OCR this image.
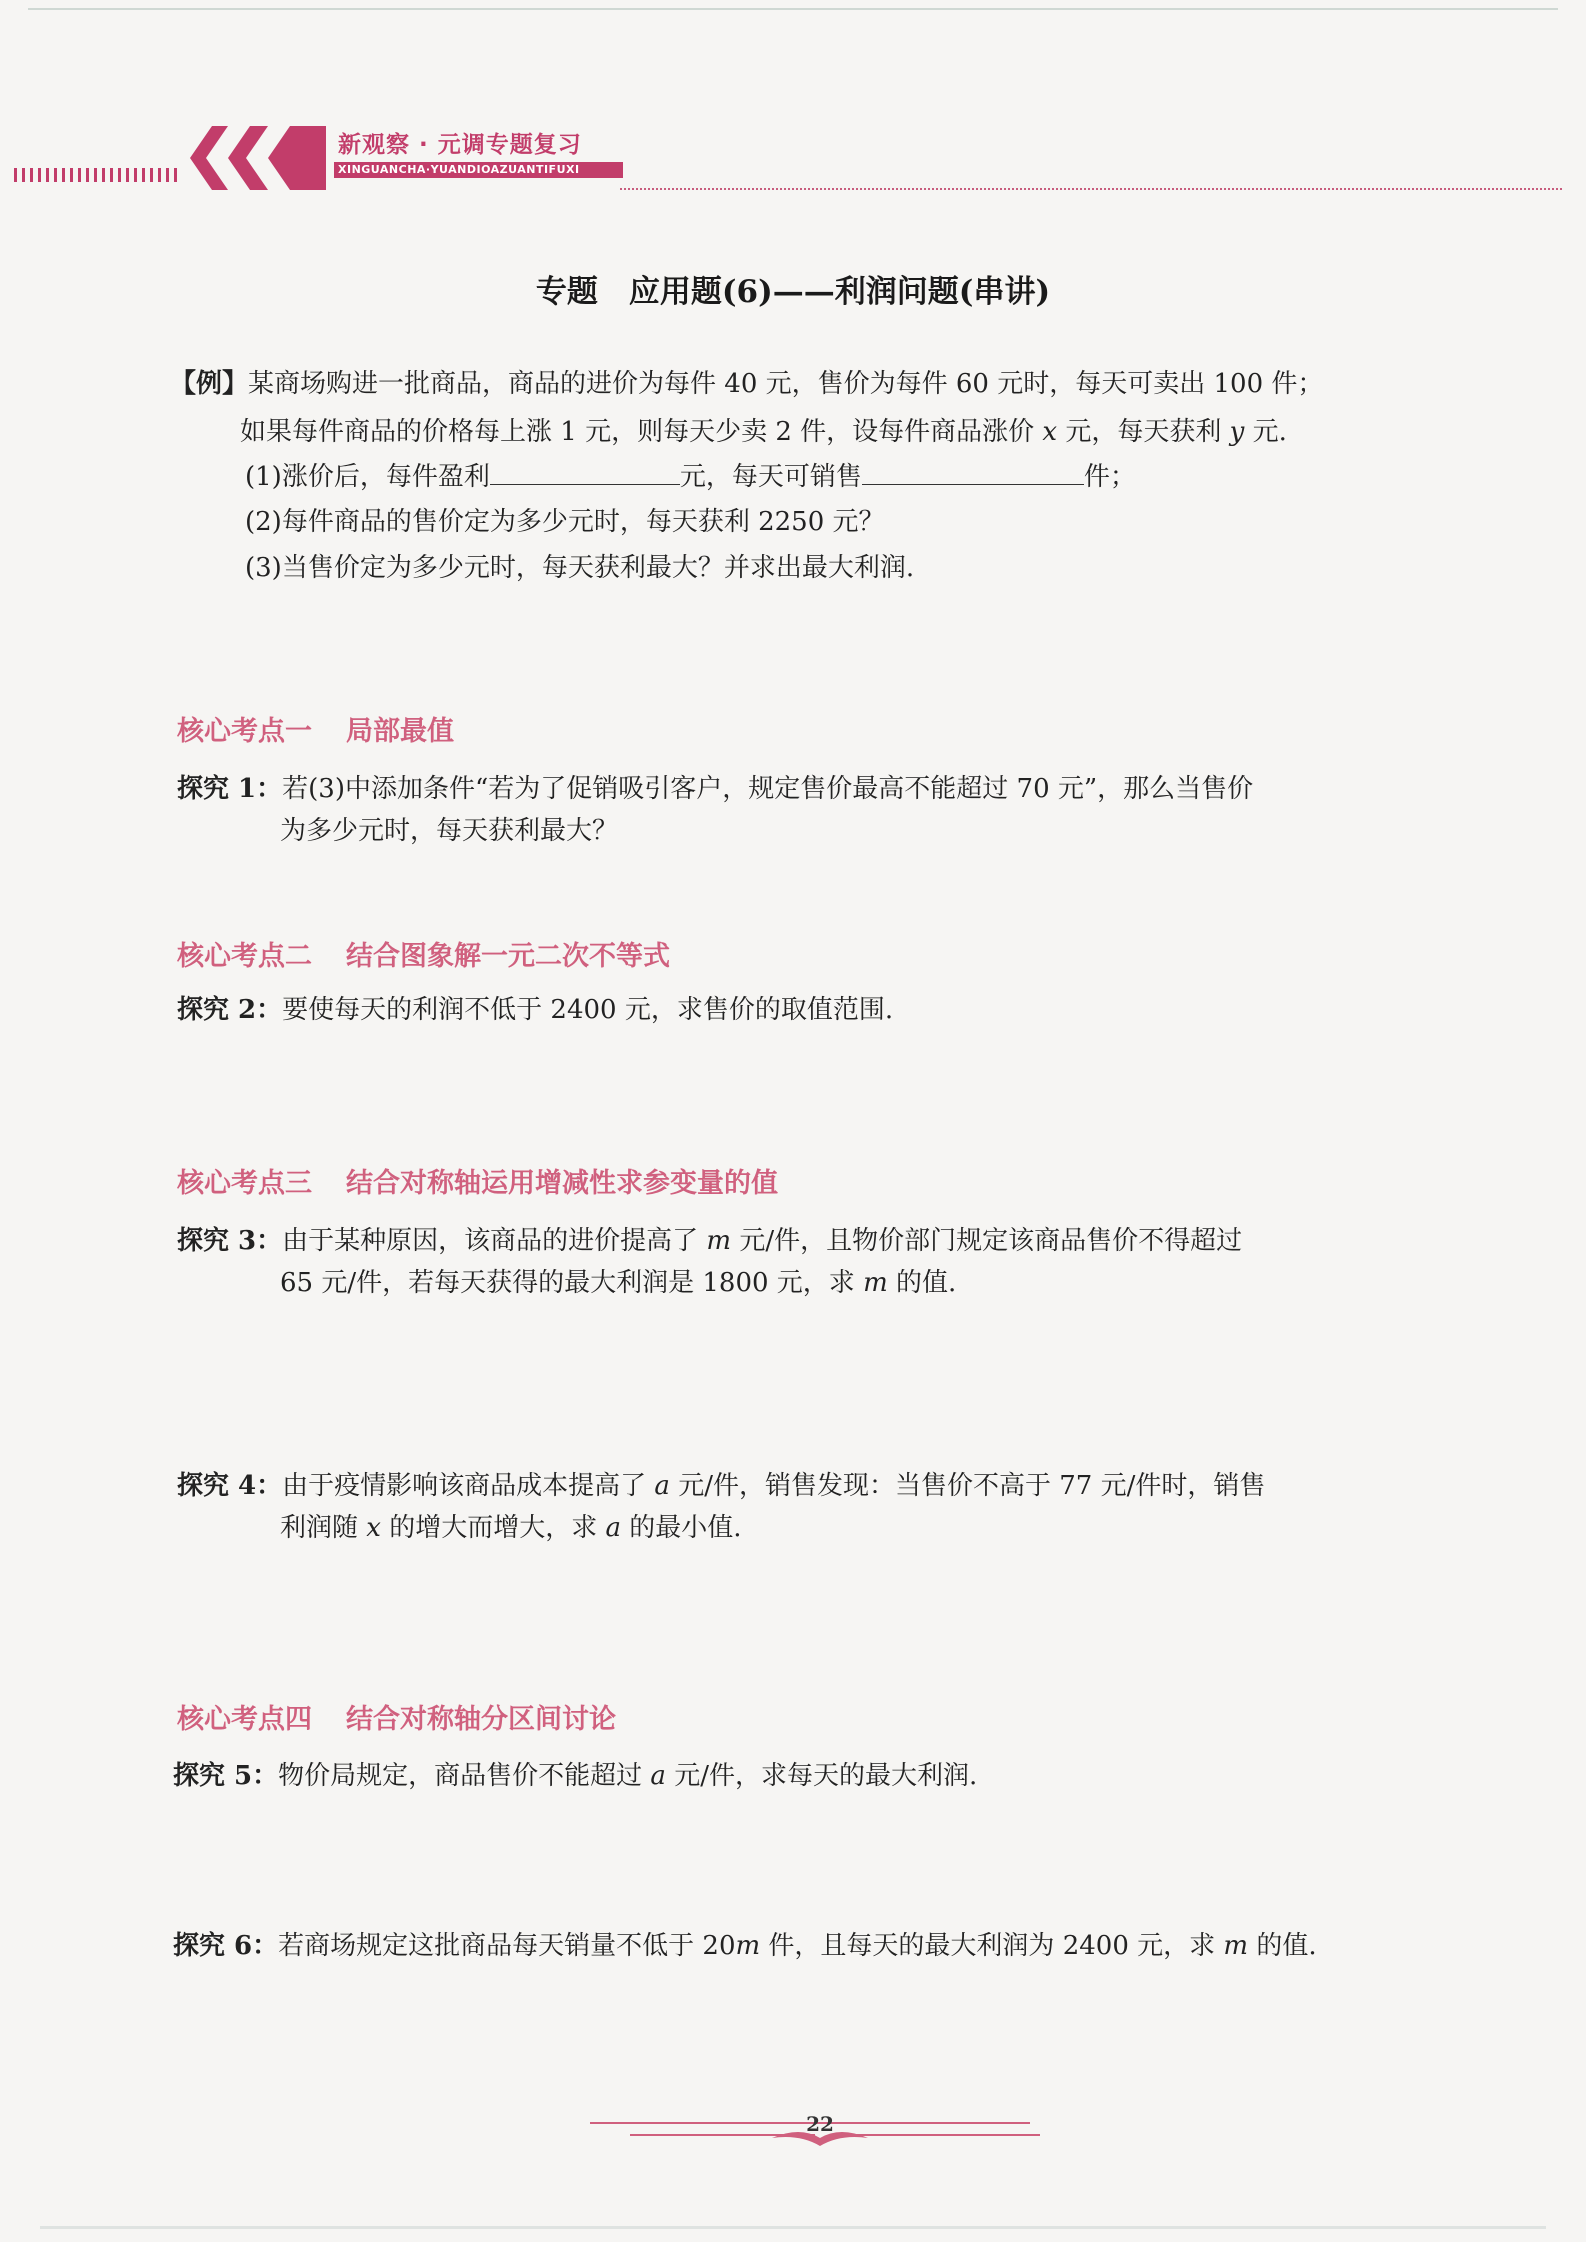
新观察 · 元调专题复习
XINGUANCHA·YUANDIOAZUANTIFUXI
专题　应用题(6)——利润问题(串讲)
【例】某商场购进一批商品，商品的进价为每件 40 元，售价为每件 60 元时，每天可卖出 100 件；
如果每件商品的价格每上涨 1 元，则每天少卖 2 件，设每件商品涨价 x 元，每天获利 y 元.
(1)涨价后，每件盈利	元，每天可销售	件；
(2)每件商品的售价定为多少元时，每天获利 2250 元？
(3)当售价定为多少元时，每天获利最大？并求出最大利润.
核心考点一 局部最值
探究 1：若(3)中添加条件“若为了促销吸引客户，规定售价最高不能超过 70 元”，那么当售价
为多少元时，每天获利最大？
核心考点二 结合图象解一元二次不等式
探究 2：要使每天的利润不低于 2400 元，求售价的取值范围.
核心考点三 结合对称轴运用增减性求参变量的值
探究 3：由于某种原因，该商品的进价提高了 m 元/件，且物价部门规定该商品售价不得超过
65 元/件，若每天获得的最大利润是 1800 元，求 m 的值.
探究 4：由于疫情影响该商品成本提高了 a 元/件，销售发现：当售价不高于 77 元/件时，销售
利润随 x 的增大而增大，求 a 的最小值.
核心考点四 结合对称轴分区间讨论
探究 5：物价局规定，商品售价不能超过 a 元/件，求每天的最大利润.
探究 6：若商场规定这批商品每天销量不低于 20m 件，且每天的最大利润为 2400 元，求 m 的值.
22
